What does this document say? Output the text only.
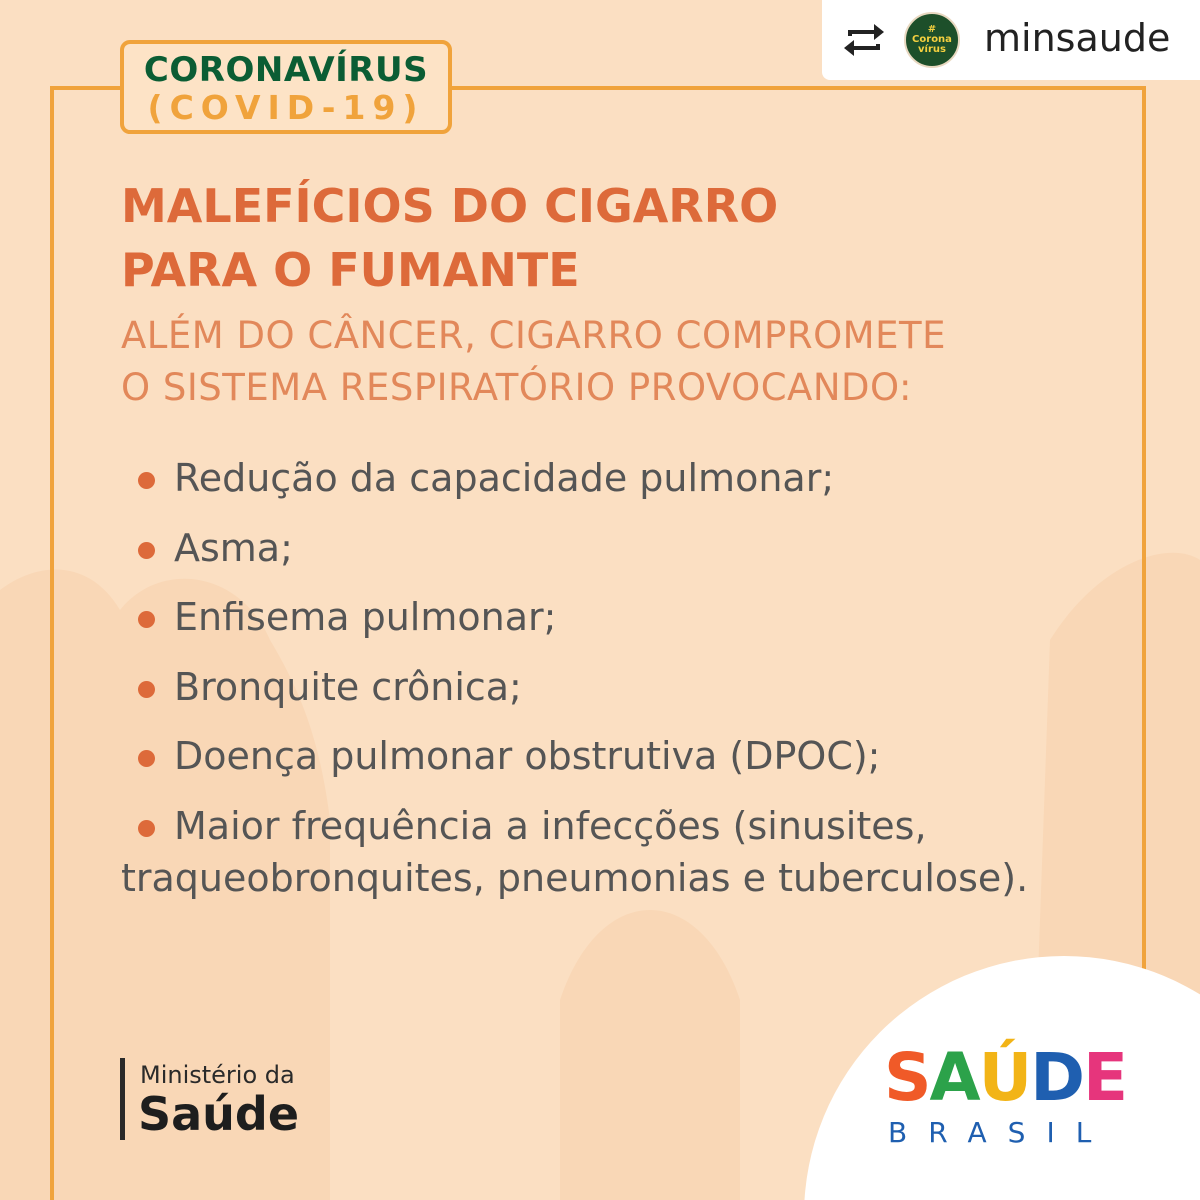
CORONAVÍRUS
(COVID-19)
#
Corona
vírus	minsaude
MALEFÍCIOS DO CIGARRO
PARA O FUMANTE

ALÉM DO CÂNCER, CIGARRO COMPROMETE
O SISTEMA RESPIRATÓRIO PROVOCANDO:

Redução da capacidade pulmonar;
Asma;
Enfisema pulmonar;
Bronquite crônica;
Doença pulmonar obstrutiva (DPOC);
Maior frequência a infecções (sinusites, traqueobronquites, pneumonias e tuberculose).
Ministério da
Saúde	SAÚDE
BRASIL
